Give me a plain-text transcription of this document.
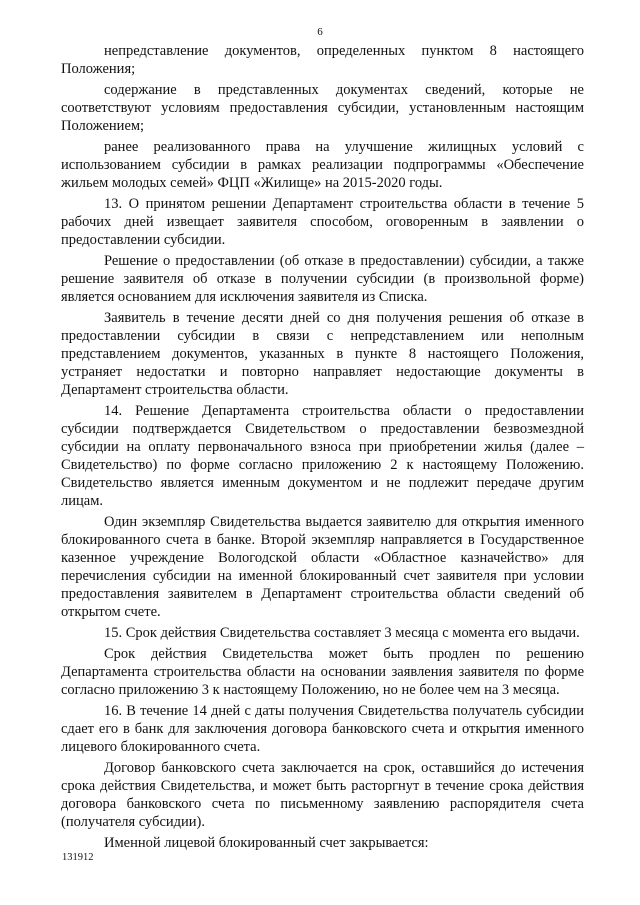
6

непредставление документов, определенных пунктом 8 настоящего Положения;

содержание в представленных документах сведений, которые не соответствуют условиям предоставления субсидии, установленным настоящим Положением;

ранее реализованного права на улучшение жилищных условий с использованием субсидии в рамках реализации подпрограммы «Обеспечение жильем молодых семей» ФЦП «Жилище» на 2015-2020 годы.

13. О принятом решении Департамент строительства области в течение 5 рабочих дней извещает заявителя способом, оговоренным в заявлении о предоставлении субсидии.

Решение о предоставлении (об отказе в предоставлении) субсидии, а также решение заявителя об отказе в получении субсидии (в произвольной форме) является основанием для исключения заявителя из Списка.

Заявитель в течение десяти дней со дня получения решения об отказе в предоставлении субсидии в связи с непредставлением или неполным представлением документов, указанных в пункте 8 настоящего Положения, устраняет недостатки и повторно направляет недостающие документы в Департамент строительства области.

14. Решение Департамента строительства области о предоставлении субсидии подтверждается Свидетельством о предоставлении безвозмездной субсидии на оплату первоначального взноса при приобретении жилья (далее – Свидетельство) по форме согласно приложению 2 к настоящему Положению. Свидетельство является именным документом и не подлежит передаче другим лицам.

Один экземпляр Свидетельства выдается заявителю для открытия именного блокированного счета в банке. Второй экземпляр направляется в Государственное казенное учреждение Вологодской области «Областное казначейство» для перечисления субсидии на именной блокированный счет заявителя при условии предоставления заявителем в Департамент строительства области сведений об открытом счете.

15. Срок действия Свидетельства составляет 3 месяца с момента его выдачи.

Срок действия Свидетельства может быть продлен по решению Департамента строительства области на основании заявления заявителя по форме согласно приложению 3 к настоящему Положению, но не более чем на 3 месяца.

16. В течение 14 дней с даты получения Свидетельства получатель субсидии сдает его в банк для заключения договора банковского счета и открытия именного лицевого блокированного счета.

Договор банковского счета заключается на срок, оставшийся до истечения срока действия Свидетельства, и может быть расторгнут в течение срока действия договора банковского счета по письменному заявлению распорядителя счета (получателя субсидии).

Именной лицевой блокированный счет закрывается:

131912
